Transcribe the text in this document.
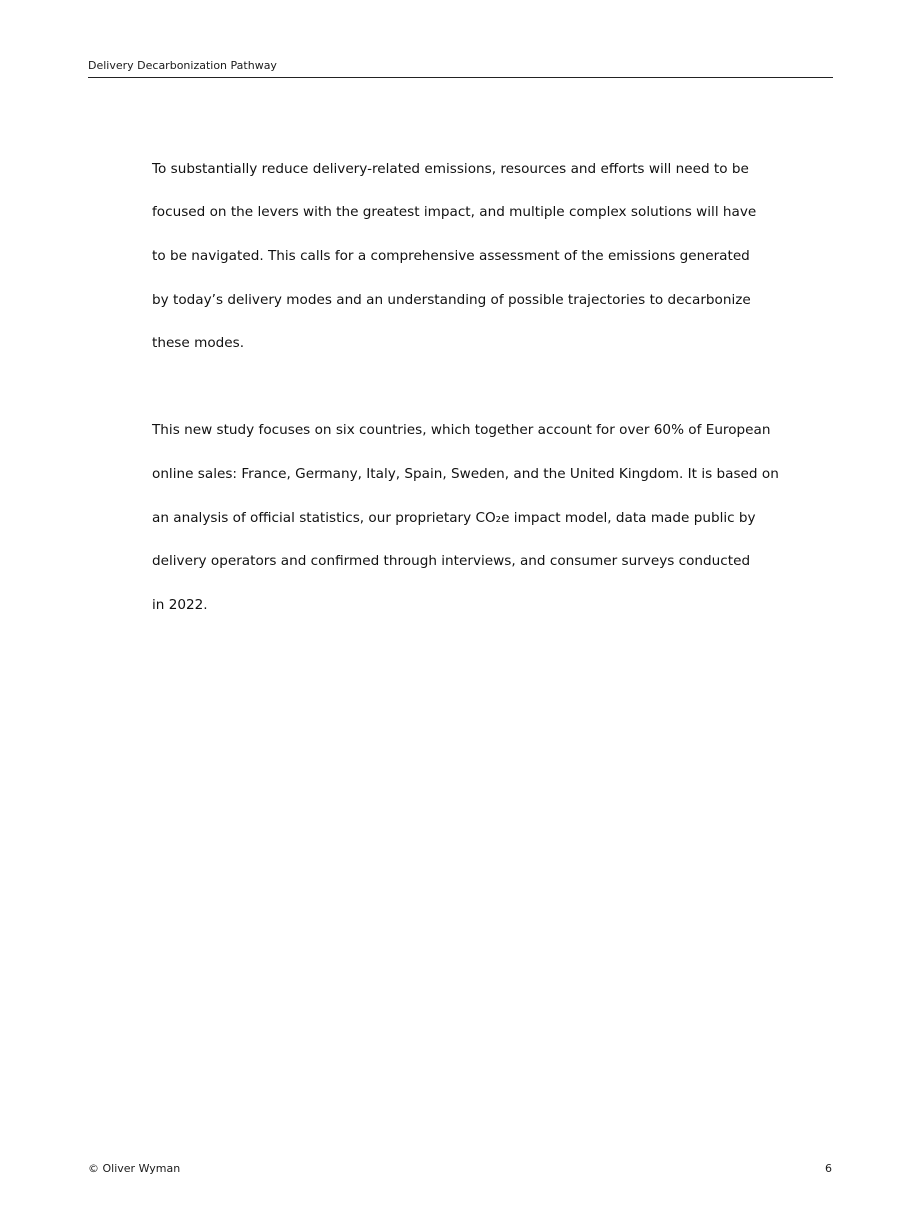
Delivery Decarbonization Pathway

To substantially reduce delivery-related emissions, resources and efforts will need to be

focused on the levers with the greatest impact, and multiple complex solutions will have

to be navigated. This calls for a comprehensive assessment of the emissions generated

by today’s delivery modes and an understanding of possible trajectories to decarbonize

these modes.

This new study focuses on six countries, which together account for over 60% of European

online sales: France, Germany, Italy, Spain, Sweden, and the United Kingdom. It is based on

an analysis of official statistics, our proprietary CO₂e impact model, data made public by

delivery operators and confirmed through interviews, and consumer surveys conducted

in 2022.

© Oliver Wyman	6
